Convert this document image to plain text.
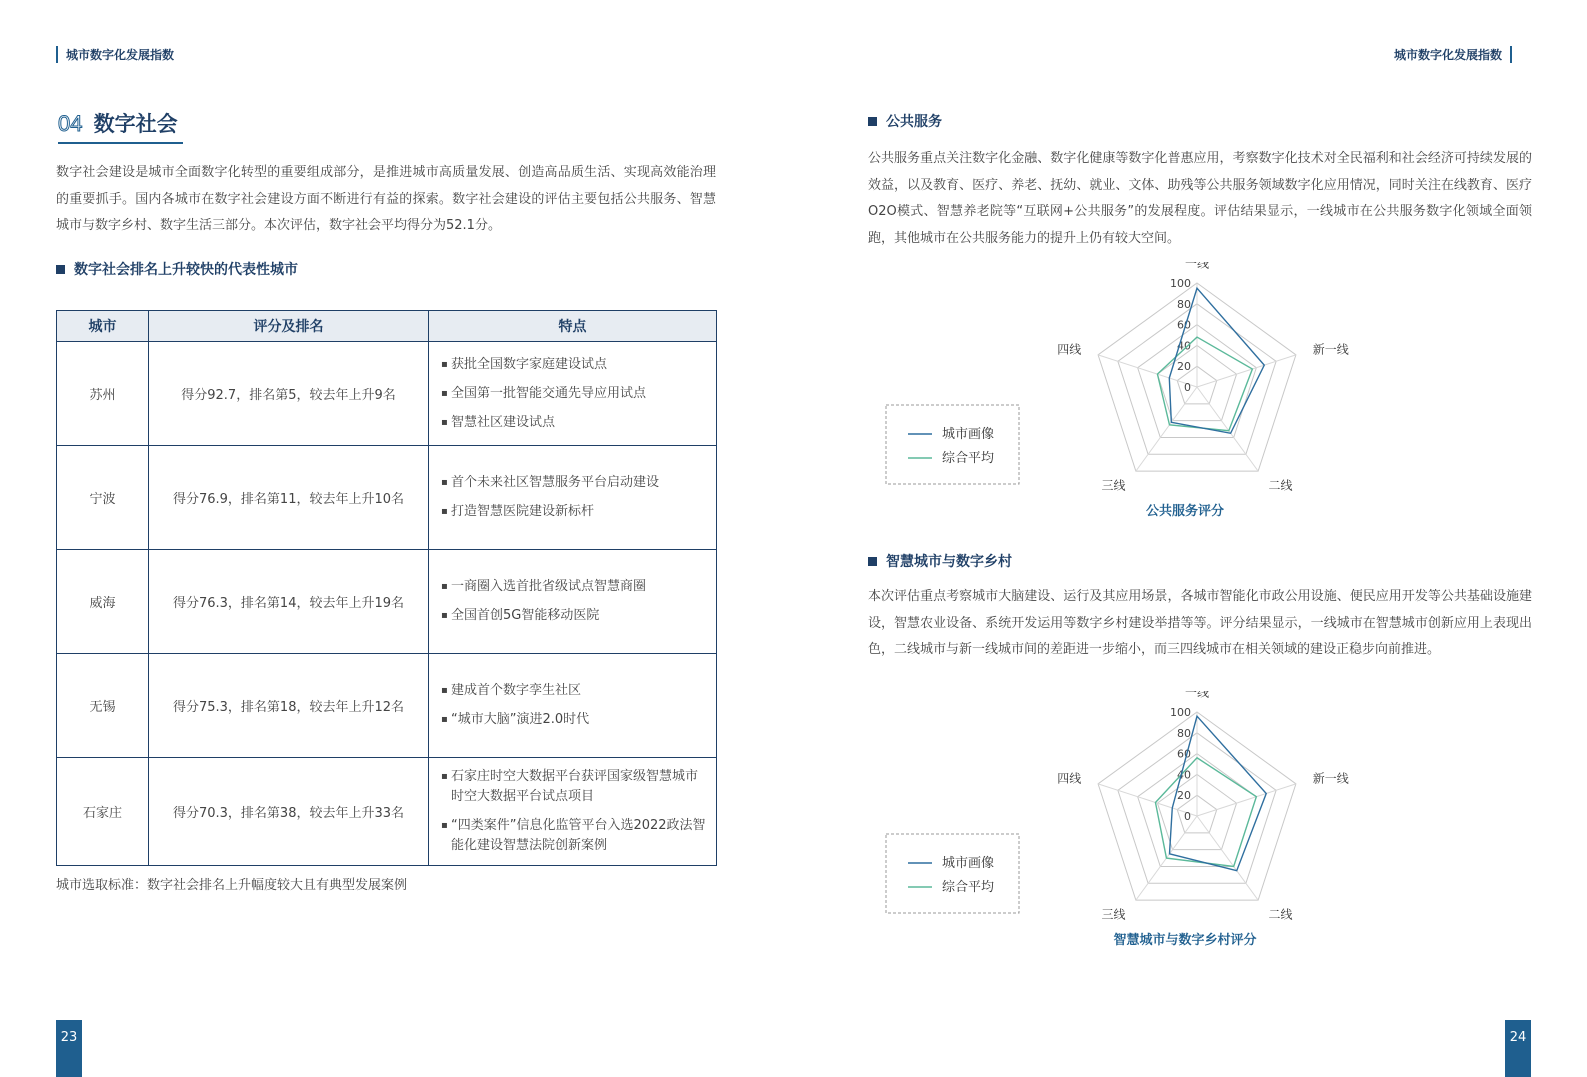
城市数字化发展指数	城市数字化发展指数
04 数字社会
数字社会建设是城市全面数字化转型的重要组成部分，是推进城市高质量发展、创造高品质生活、实现高效能治理的重要抓手。国内各城市在数字社会建设方面不断进行有益的探索。数字社会建设的评估主要包括公共服务、智慧城市与数字乡村、数字生活三部分。本次评估，数字社会平均得分为52.1分。
数字社会排名上升较快的代表性城市
城市	评分及排名	特点
苏州	得分92.7，排名第5，较去年上升9名	▪ 获批全国数字家庭建设试点
▪ 全国第一批智能交通先导应用试点
▪ 智慧社区建设试点

宁波	得分76.9，排名第11，较去年上升10名	▪ 首个未来社区智慧服务平台启动建设
▪ 打造智慧医院建设新标杆

威海	得分76.3，排名第14，较去年上升19名	▪ 一商圈入选首批省级试点智慧商圈
▪ 全国首创5G智能移动医院

无锡	得分75.3，排名第18，较去年上升12名	▪ 建成首个数字孪生社区
▪ “城市大脑”演进2.0时代

石家庄	得分70.3，排名第38，较去年上升33名	▪ 石家庄时空大数据平台获评国家级智慧城市时空大数据平台试点项目
▪ “四类案件”信息化监管平台入选2022政法智能化建设智慧法院创新案例
城市选取标准：数字社会排名上升幅度较大且有典型发展案例
公共服务
公共服务重点关注数字化金融、数字化健康等数字化普惠应用，考察数字化技术对全民福利和社会经济可持续发展的效益，以及教育、医疗、养老、抚幼、就业、文体、助残等公共服务领域数字化应用情况，同时关注在线教育、医疗O2O模式、智慧养老院等“互联网+公共服务”的发展程度。评估结果显示，一线城市在公共服务数字化领域全面领跑，其他城市在公共服务能力的提升上仍有较大空间。
0
20
40
60
80
100
一线
新一线
二线
三线
四线
城市画像
综合平均
公共服务评分
智慧城市与数字乡村
本次评估重点考察城市大脑建设、运行及其应用场景，各城市智能化市政公用设施、便民应用开发等公共基础设施建设，智慧农业设备、系统开发运用等数字乡村建设举措等等。评分结果显示，一线城市在智慧城市创新应用上表现出色，二线城市与新一线城市间的差距进一步缩小，而三四线城市在相关领域的建设正稳步向前推进。
0
20
40
60
80
100
一线
新一线
二线
三线
四线
城市画像
综合平均
智慧城市与数字乡村评分
23	24
